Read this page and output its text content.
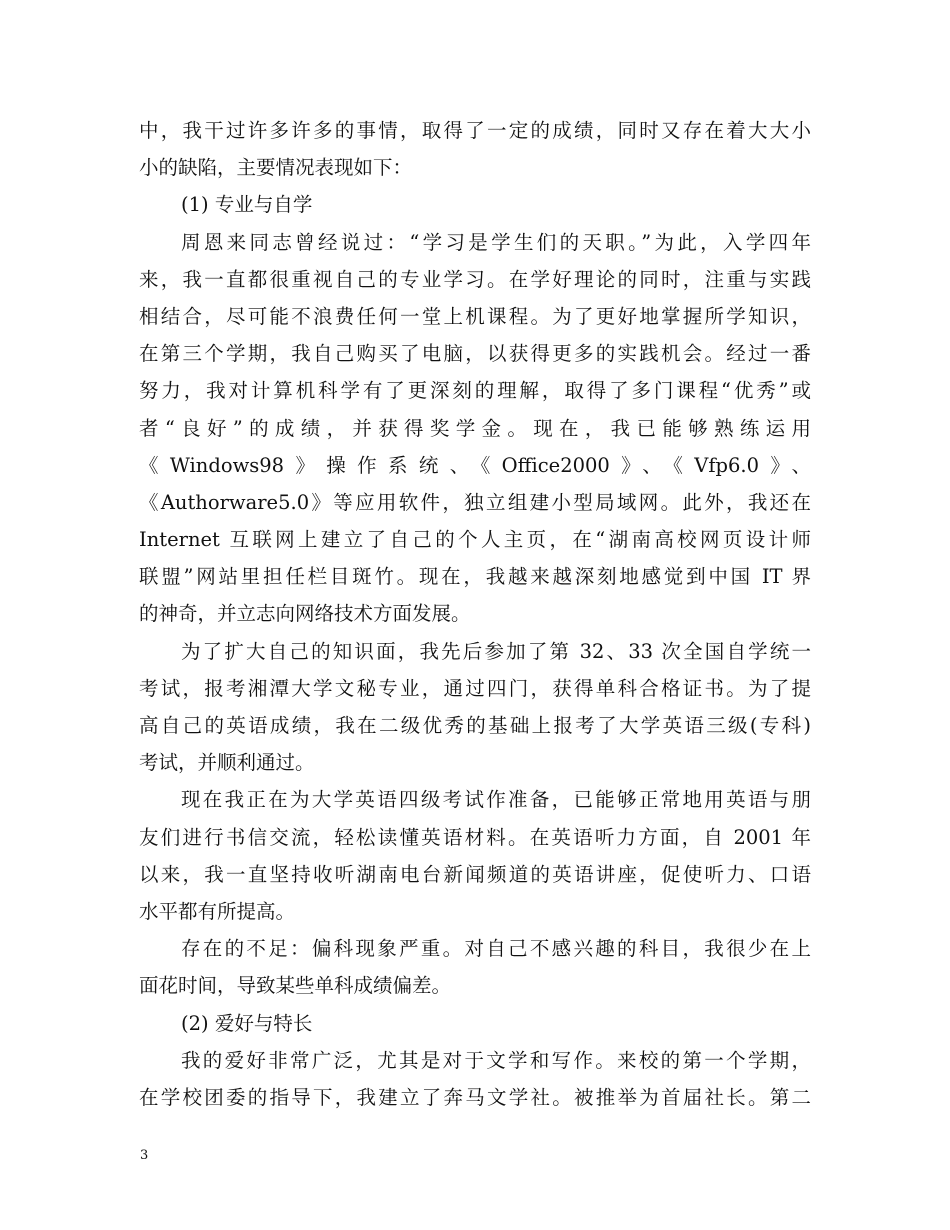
中，我干过许多许多的事情，取得了一定的成绩，同时又存在着大大小
小的缺陷，主要情况表现如下：
(1) 专业与自学
周恩来同志曾经说过：“学习是学生们的天职。”为此，入学四年
来，我一直都很重视自己的专业学习。在学好理论的同时，注重与实践
相结合，尽可能不浪费任何一堂上机课程。为了更好地掌握所学知识，
在第三个学期，我自己购买了电脑，以获得更多的实践机会。经过一番
努力，我对计算机科学有了更深刻的理解，取得了多门课程“优秀”或
者“良好”的成绩，并获得奖学金。现在，我已能够熟练运用
《Windows98》操作系统、《Office2000》、《Vfp6.0》、
《Authorware5.0》等应用软件，独立组建小型局域网。此外，我还在
Internet 互联网上建立了自己的个人主页，在“湖南高校网页设计师
联盟”网站里担任栏目斑竹。现在，我越来越深刻地感觉到中国 IT 界
的神奇，并立志向网络技术方面发展。
为了扩大自己的知识面，我先后参加了第 32、33 次全国自学统一
考试，报考湘潭大学文秘专业，通过四门，获得单科合格证书。为了提
高自己的英语成绩，我在二级优秀的基础上报考了大学英语三级(专科)
考试，并顺利通过。
现在我正在为大学英语四级考试作准备，已能够正常地用英语与朋
友们进行书信交流，轻松读懂英语材料。在英语听力方面，自 2001 年
以来，我一直坚持收听湖南电台新闻频道的英语讲座，促使听力、口语
水平都有所提高。
存在的不足：偏科现象严重。对自己不感兴趣的科目，我很少在上
面花时间，导致某些单科成绩偏差。
(2) 爱好与特长
我的爱好非常广泛，尤其是对于文学和写作。来校的第一个学期，
在学校团委的指导下，我建立了奔马文学社。被推举为首届社长。第二
3
